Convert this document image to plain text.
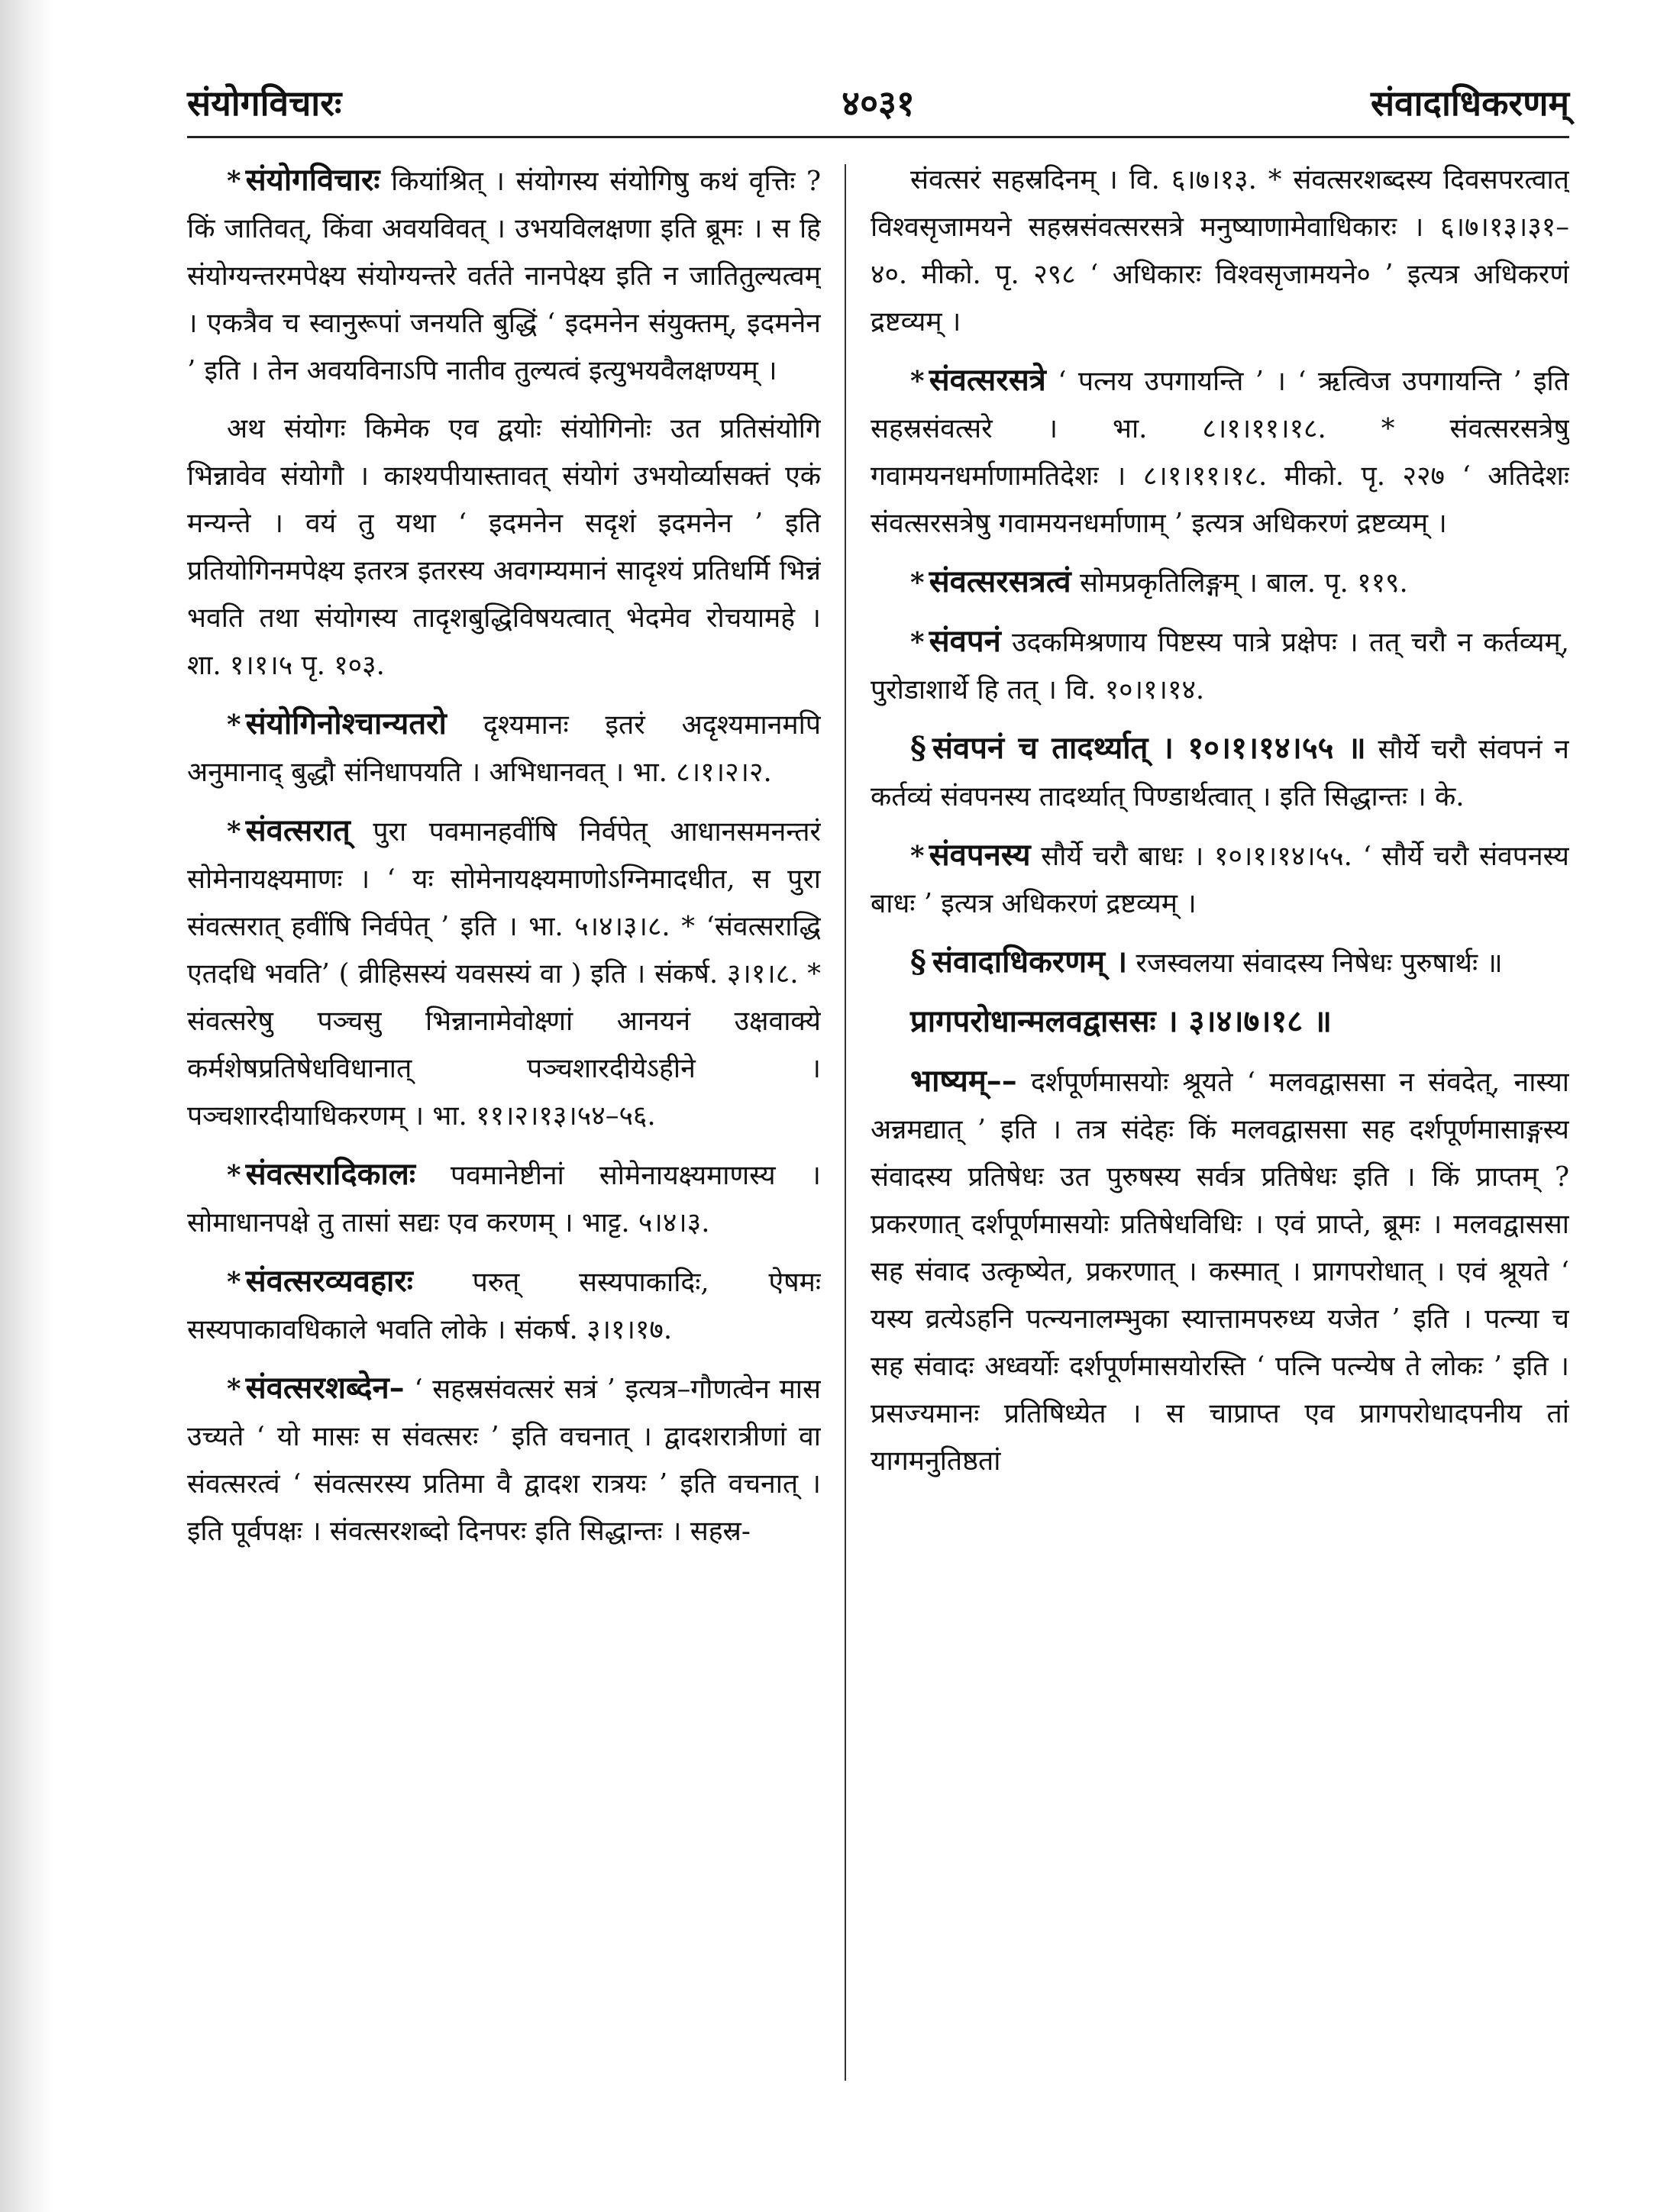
संयोगविचारः	४०३१	संवादाधिकरणम्

* संयोगविचारः कियांश्रित् । संयोगस्य संयोगिषु कथं वृत्तिः ? किं जातिवत्, किंवा अवयविवत् । उभयविलक्षणा इति ब्रूमः । स हि संयोग्यन्तरमपेक्ष्य संयोग्यन्तरे वर्तते नानपेक्ष्य इति न जातितुल्यत्वम् । एकत्रैव च स्वानुरूपां जनयति बुद्धिं ‘ इदमनेन संयुक्तम्, इदमनेन ’ इति । तेन अवयविनाऽपि नातीव तुल्यत्वं इत्युभयवैलक्षण्यम् ।

अथ संयोगः किमेक एव द्वयोः संयोगिनोः उत प्रतिसंयोगि भिन्नावेव संयोगौ । काश्यपीयास्तावत् संयोगं उभयोर्व्यासक्तं एकं मन्यन्ते । वयं तु यथा ‘ इदमनेन सदृशं इदमनेन ’ इति प्रतियोगिनमपेक्ष्य इतरत्र इतरस्य अवगम्यमानं सादृश्यं प्रतिधर्मि भिन्नं भवति तथा संयोगस्य तादृशबुद्धिविषयत्वात् भेदमेव रोचयामहे । शा. १।१।५ पृ. १०३.

* संयोगिनोश्चान्यतरो दृश्यमानः इतरं अदृश्यमानमपि अनुमानाद् बुद्धौ संनिधापयति । अभिधानवत् । भा. ८।१।२।२.

* संवत्सरात् पुरा पवमानहवींषि निर्वपेत् आधानसमनन्तरं सोमेनायक्ष्यमाणः । ‘ यः सोमेनायक्ष्यमाणोऽग्निमादधीत, स पुरा संवत्सरात् हवींषि निर्वपेत् ’ इति । भा. ५।४।३।८. * ‘संवत्सराद्धि एतदधि भवति’ ( व्रीहिसस्यं यवसस्यं वा ) इति । संकर्ष. ३।१।८. * संवत्सरेषु पञ्चसु भिन्नानामेवोक्ष्णां आनयनं उक्षवाक्ये कर्मशेषप्रतिषेधविधानात् पञ्चशारदीयेऽहीने । पञ्चशारदीयाधिकरणम् । भा. ११।२।१३।५४–५६.

* संवत्सरादिकालः पवमानेष्टीनां सोमेनायक्ष्यमाणस्य । सोमाधानपक्षे तु तासां सद्यः एव करणम् । भाट्ट. ५।४।३.

* संवत्सरव्यवहारः परुत् सस्यपाकादिः, ऐषमः सस्यपाकावधिकाले भवति लोके । संकर्ष. ३।१।१७.

* संवत्सरशब्देन– ‘ सहस्रसंवत्सरं सत्रं ’ इत्यत्र–गौणत्वेन मास उच्यते ‘ यो मासः स संवत्सरः ’ इति वचनात् । द्वादशरात्रीणां वा संवत्सरत्वं ‘ संवत्सरस्य प्रतिमा वै द्वादश रात्रयः ’ इति वचनात् । इति पूर्वपक्षः । संवत्सरशब्दो दिनपरः इति सिद्धान्तः । सहस्र-

संवत्सरं सहस्रदिनम् । वि. ६।७।१३. * संवत्सरशब्दस्य दिवसपरत्वात् विश्वसृजामयने सहस्रसंवत्सरसत्रे मनुष्याणामेवाधिकारः । ६।७।१३।३१–४०. मीको. पृ. २९८ ‘ अधिकारः विश्वसृजामयने० ’ इत्यत्र अधिकरणं द्रष्टव्यम् ।

* संवत्सरसत्रे ‘ पत्नय उपगायन्ति ’ । ‘ ऋत्विज उपगायन्ति ’ इति सहस्रसंवत्सरे । भा. ८।१।११।१८. * संवत्सरसत्रेषु गवामयनधर्माणामतिदेशः । ८।१।११।१८. मीको. पृ. २२७ ‘ अतिदेशः संवत्सरसत्रेषु गवामयनधर्माणाम् ’ इत्यत्र अधिकरणं द्रष्टव्यम् ।

* संवत्सरसत्रत्वं सोमप्रकृतिलिङ्गम् । बाल. पृ. ११९.

* संवपनं उदकमिश्रणाय पिष्टस्य पात्रे प्रक्षेपः । तत् चरौ न कर्तव्यम्, पुरोडाशार्थे हि तत् । वि. १०।१।१४.

§ संवपनं च तादर्थ्यात् । १०।१।१४।५५ ॥ सौर्ये चरौ संवपनं न कर्तव्यं संवपनस्य तादर्थ्यात् पिण्डार्थत्वात् । इति सिद्धान्तः । के.

* संवपनस्य सौर्ये चरौ बाधः । १०।१।१४।५५. ‘ सौर्ये चरौ संवपनस्य बाधः ’ इत्यत्र अधिकरणं द्रष्टव्यम् ।

§ संवादाधिकरणम् । रजस्वलया संवादस्य निषेधः पुरुषार्थः ॥

प्रागपरोधान्मलवद्वाससः । ३।४।७।१८ ॥

भाष्यम्–– दर्शपूर्णमासयोः श्रूयते ‘ मलवद्वाससा न संवदेत्, नास्या अन्नमद्यात् ’ इति । तत्र संदेहः किं मलवद्वाससा सह दर्शपूर्णमासाङ्गस्य संवादस्य प्रतिषेधः उत पुरुषस्य सर्वत्र प्रतिषेधः इति । किं प्राप्तम् ? प्रकरणात् दर्शपूर्णमासयोः प्रतिषेधविधिः । एवं प्राप्ते, ब्रूमः । मलवद्वाससा सह संवाद उत्कृष्येत, प्रकरणात् । कस्मात् । प्रागपरोधात् । एवं श्रूयते ‘ यस्य व्रत्येऽहनि पत्न्यनालम्भुका स्यात्तामपरुध्य यजेत ’ इति । पत्न्या च सह संवादः अध्वर्योः दर्शपूर्णमासयोरस्ति ‘ पत्नि पत्न्येष ते लोकः ’ इति । प्रसज्यमानः प्रतिषिध्येत । स चाप्राप्त एव प्रागपरोधादपनीय तां यागमनुतिष्ठतां
